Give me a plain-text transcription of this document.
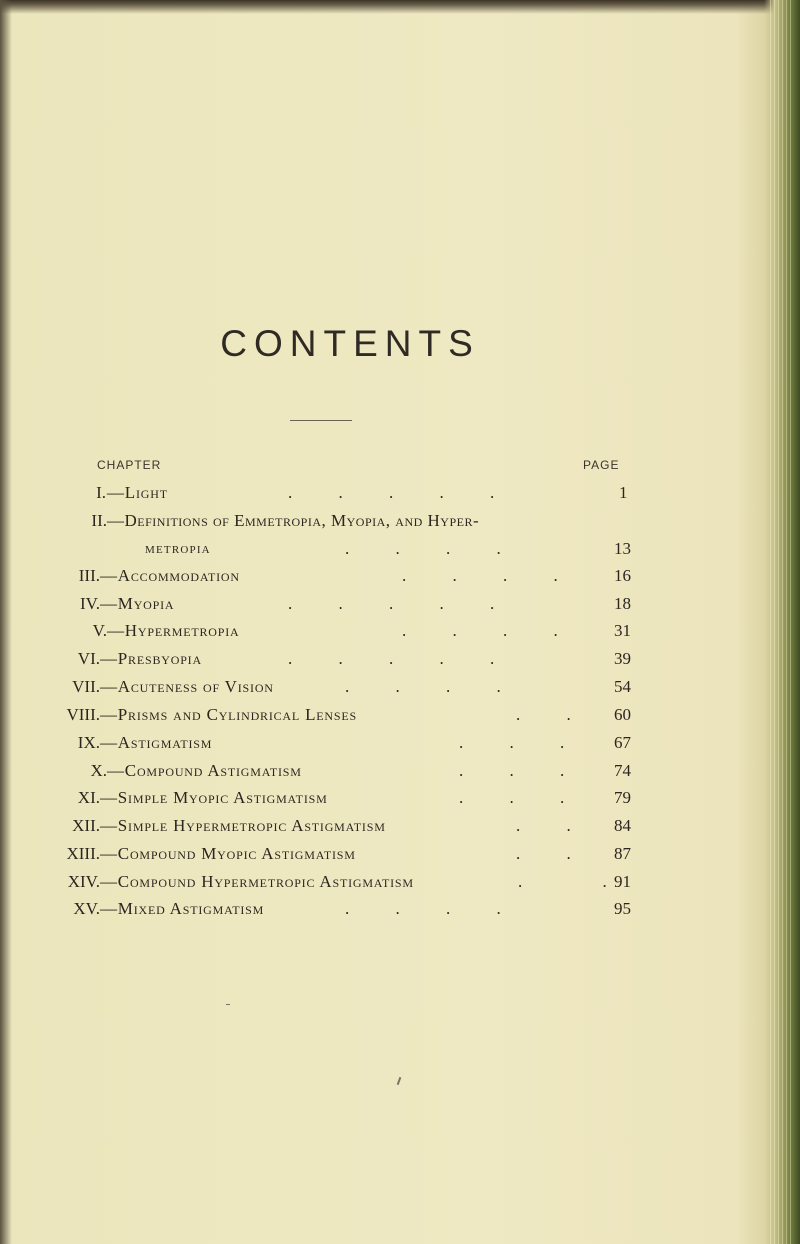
CONTENTS
CHAPTER	PAGE
I. —Light	. . . . .	1
II. —Definitions of Emmetropia, Myopia, and Hyper-
metropia	. . . .	13
III. —Accommodation	. . . .	16
IV. —Myopia	. . . . .	18
V. —Hypermetropia	. . . .	31
VI. —Presbyopia	. . . . .	39
VII. —Acuteness of Vision	. . . .	54
VIII. —Prisms and Cylindrical Lenses	. .	60
IX. —Astigmatism	. . .	67
X. —Compound Astigmatism	. . .	74
XI. —Simple Myopic Astigmatism	. . .	79
XII. —Simple Hypermetropic Astigmatism	. .	84
XIII. —Compound Myopic Astigmatism	. .	87
XIV. —Compound Hypermetropic Astigmatism	. . 91
XV. —Mixed Astigmatism	. . . .	95
